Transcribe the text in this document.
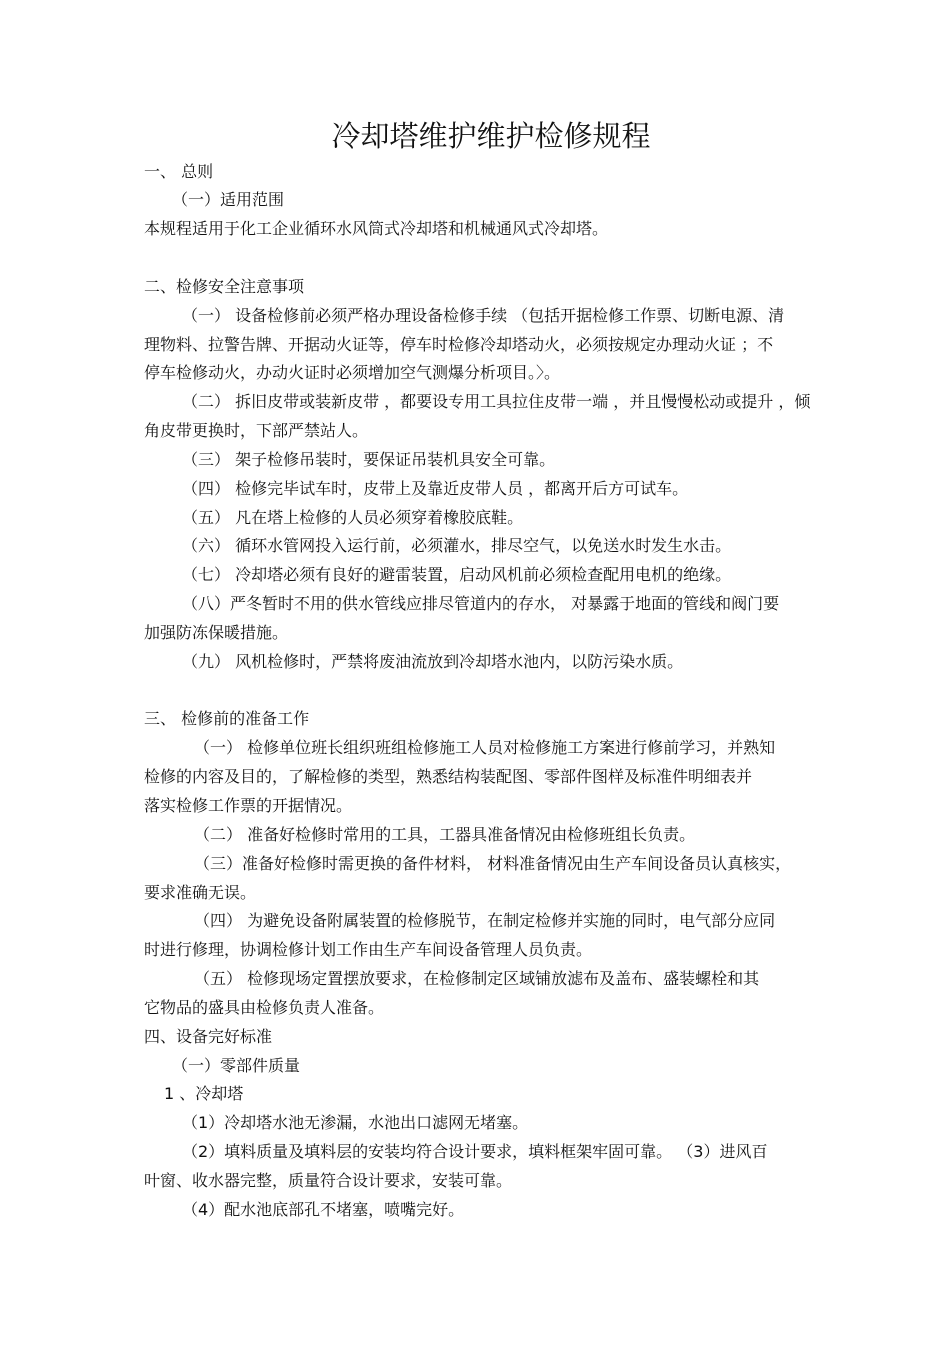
冷却塔维护维护检修规程

一、 总则

（一）适用范围

本规程适用于化工企业循环水风筒式冷却塔和机械通风式冷却塔。

二、检修安全注意事项

（一） 设备检修前必须严格办理设备检修手续 （包括开据检修工作票、切断电源、清

理物料、拉警告牌、开据动火证等，停车时检修冷却塔动火，必须按规定办理动火证 ；不

停车检修动火，办动火证时必须增加空气测爆分析项目。〉。

（二） 拆旧皮带或装新皮带 ，都要设专用工具拉住皮带一端 ，并且慢慢松动或提升 ，倾

角皮带更换时，下部严禁站人。

（三） 架子检修吊装时，要保证吊装机具安全可靠。

（四） 检修完毕试车时，皮带上及靠近皮带人员 ，都离开后方可试车。

（五） 凡在塔上检修的人员必须穿着橡胶底鞋。

（六） 循环水管网投入运行前，必须灌水，排尽空气，以免送水时发生水击。

（七） 冷却塔必须有良好的避雷装置，启动风机前必须检查配用电机的绝缘。

（八）严冬暂时不用的供水管线应排尽管道内的存水， 对暴露于地面的管线和阀门要

加强防冻保暖措施。

（九） 风机检修时，严禁将废油流放到冷却塔水池内，以防污染水质。

三、 检修前的准备工作

（一） 检修单位班长组织班组检修施工人员对检修施工方案进行修前学习，并熟知

检修的内容及目的，了解检修的类型，熟悉结构装配图、零部件图样及标准件明细表并

落实检修工作票的开据情况。

（二） 准备好检修时常用的工具，工器具准备情况由检修班组长负责。

（三）准备好检修时需更换的备件材料， 材料准备情况由生产车间设备员认真核实，

要求准确无误。

（四） 为避免设备附属装置的检修脱节，在制定检修并实施的同时，电气部分应同

时进行修理，协调检修计划工作由生产车间设备管理人员负责。

（五） 检修现场定置摆放要求，在检修制定区域铺放滤布及盖布、盛装螺栓和其

它物品的盛具由检修负责人准备。

四、设备完好标准

（一）零部件质量

1 、冷却塔

（1）冷却塔水池无渗漏，水池出口滤网无堵塞。

（2）填料质量及填料层的安装均符合设计要求，填料框架牢固可靠。 （3）进风百

叶窗、收水器完整，质量符合设计要求，安装可靠。

（4）配水池底部孔不堵塞，喷嘴完好。
